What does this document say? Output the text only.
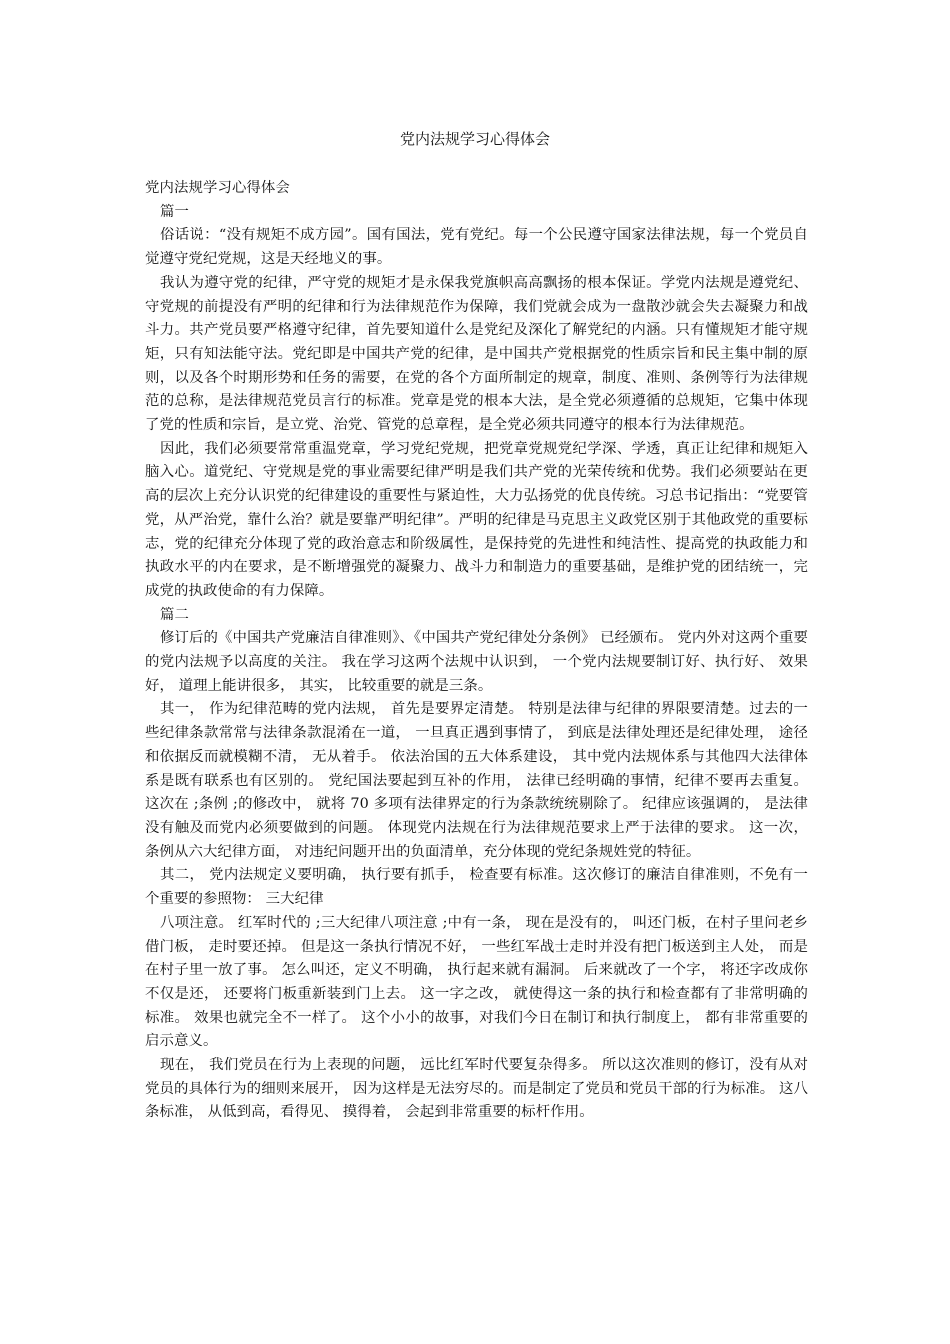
党内法规学习心得体会

党内法规学习心得体会

篇一

俗话说：“没有规矩不成方园”。国有国法，党有党纪。每一个公民遵守国家法律法规，每一个党员自觉遵守党纪党规，这是天经地义的事。

我认为遵守党的纪律，严守党的规矩才是永保我党旗帜高高飘扬的根本保证。学党内法规是遵党纪、守党规的前提没有严明的纪律和行为法律规范作为保障，我们党就会成为一盘散沙就会失去凝聚力和战斗力。共产党员要严格遵守纪律，首先要知道什么是党纪及深化了解党纪的内涵。只有懂规矩才能守规矩，只有知法能守法。党纪即是中国共产党的纪律，是中国共产党根据党的性质宗旨和民主集中制的原则，以及各个时期形势和任务的需要，在党的各个方面所制定的规章，制度、准则、条例等行为法律规范的总称，是法律规范党员言行的标准。党章是党的根本大法，是全党必须遵循的总规矩，它集中体现了党的性质和宗旨，是立党、治党、管党的总章程，是全党必须共同遵守的根本行为法律规范。

因此，我们必须要常常重温党章，学习党纪党规，把党章党规党纪学深、学透，真正让纪律和规矩入脑入心。道党纪、守党规是党的事业需要纪律严明是我们共产党的光荣传统和优势。我们必须要站在更高的层次上充分认识党的纪律建设的重要性与紧迫性，大力弘扬党的优良传统。习总书记指出：“党要管党，从严治党，靠什么治？就是要靠严明纪律”。严明的纪律是马克思主义政党区别于其他政党的重要标志，党的纪律充分体现了党的政治意志和阶级属性，是保持党的先进性和纯洁性、提高党的执政能力和执政水平的内在要求，是不断增强党的凝聚力、战斗力和制造力的重要基础，是维护党的团结统一，完成党的执政使命的有力保障。

篇二

修订后的《中国共产党廉洁自律准则》、《中国共产党纪律处分条例》 已经颁布。 党内外对这两个重要的党内法规予以高度的关注。 我在学习这两个法规中认识到， 一个党内法规要制订好、执行好、 效果好， 道理上能讲很多， 其实， 比较重要的就是三条。

其一， 作为纪律范畴的党内法规， 首先是要界定清楚。 特别是法律与纪律的界限要清楚。过去的一些纪律条款常常与法律条款混淆在一道， 一旦真正遇到事情了， 到底是法律处理还是纪律处理， 途径和依据反而就模糊不清， 无从着手。 依法治国的五大体系建设， 其中党内法规体系与其他四大法律体系是既有联系也有区别的。 党纪国法要起到互补的作用， 法律已经明确的事情，纪律不要再去重复。 这次在 ;条例 ;的修改中， 就将 70 多项有法律界定的行为条款统统剔除了。 纪律应该强调的， 是法律没有触及而党内必须要做到的问题。 体现党内法规在行为法律规范要求上严于法律的要求。 这一次， 条例从六大纪律方面， 对违纪问题开出的负面清单，充分体现的党纪条规姓党的特征。

其二， 党内法规定义要明确， 执行要有抓手， 检查要有标准。这次修订的廉洁自律准则，不免有一个重要的参照物： 三大纪律

八项注意。 红军时代的 ;三大纪律八项注意 ;中有一条， 现在是没有的， 叫还门板，在村子里问老乡借门板， 走时要还掉。 但是这一条执行情况不好， 一些红军战士走时并没有把门板送到主人处， 而是在村子里一放了事。 怎么叫还，定义不明确， 执行起来就有漏洞。 后来就改了一个字， 将还字改成你不仅是还， 还要将门板重新装到门上去。 这一字之改， 就使得这一条的执行和检查都有了非常明确的标准。 效果也就完全不一样了。 这个小小的故事，对我们今日在制订和执行制度上， 都有非常重要的启示意义。

现在， 我们党员在行为上表现的问题， 远比红军时代要复杂得多。 所以这次准则的修订，没有从对党员的具体行为的细则来展开， 因为这样是无法穷尽的。而是制定了党员和党员干部的行为标准。 这八条标准， 从低到高，看得见、 摸得着， 会起到非常重要的标杆作用。
